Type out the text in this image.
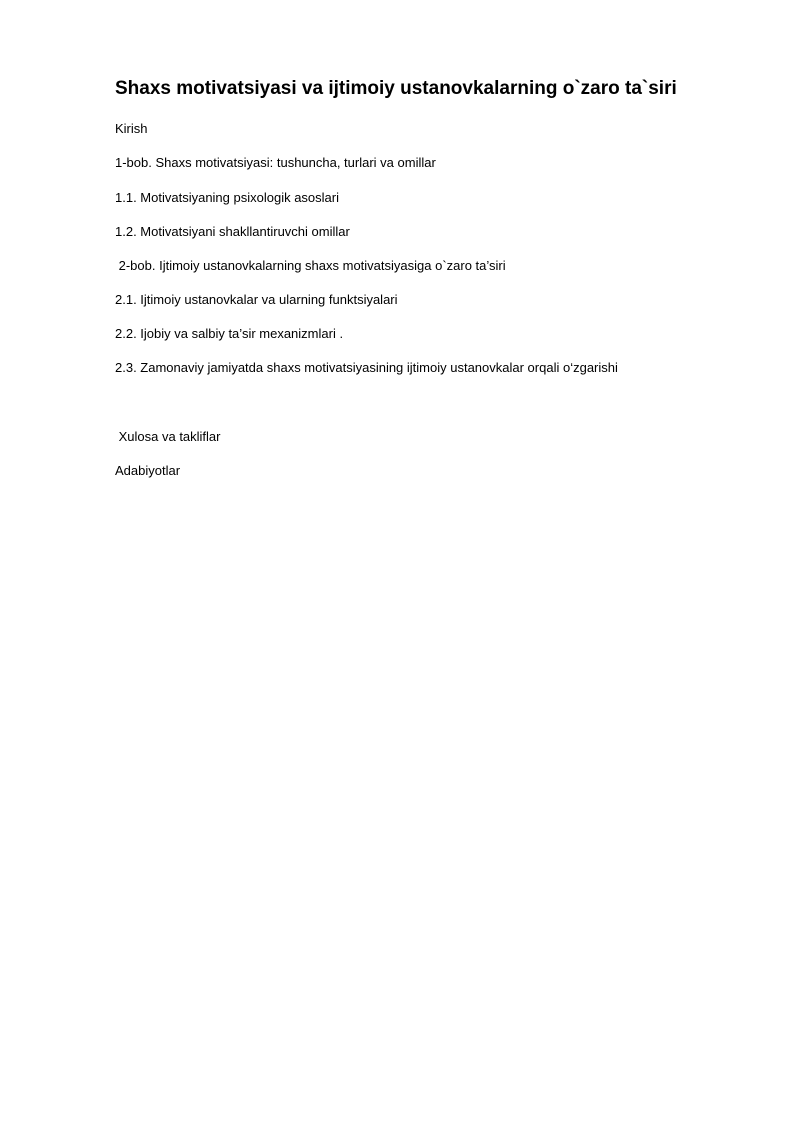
Shaxs motivatsiyasi va ijtimoiy ustanovkalarning o`zaro ta`siri

Kirish

1-bob. Shaxs motivatsiyasi: tushuncha, turlari va omillar

1.1. Motivatsiyaning psixologik asoslari

1.2. Motivatsiyani shakllantiruvchi omillar

2-bob. Ijtimoiy ustanovkalarning shaxs motivatsiyasiga o`zaro ta’siri

2.1. Ijtimoiy ustanovkalar va ularning funktsiyalari

2.2. Ijobiy va salbiy ta’sir mexanizmlari .

2.3. Zamonaviy jamiyatda shaxs motivatsiyasining ijtimoiy ustanovkalar orqali o‘zgarishi

Xulosa va takliflar

Adabiyotlar
